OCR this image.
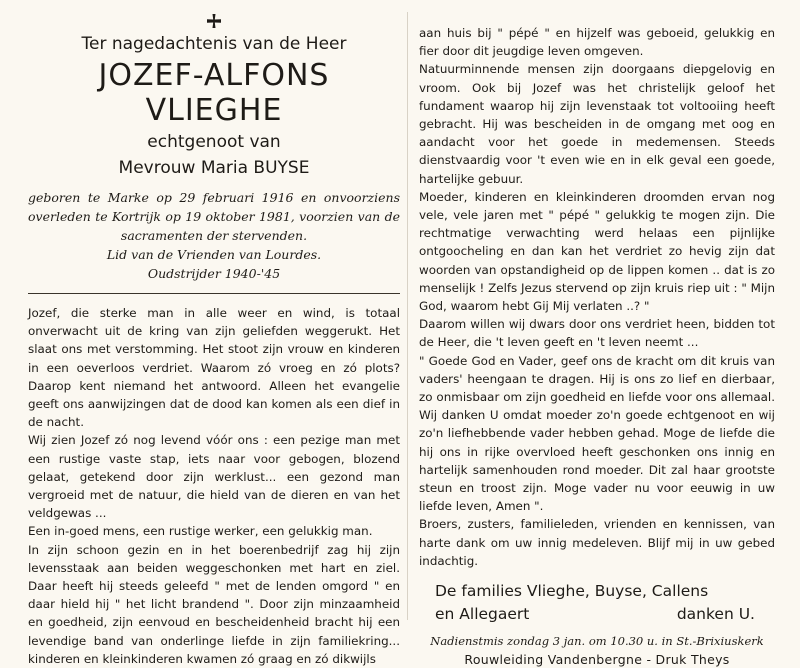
Ter nagedachtenis van de Heer
JOZEF-ALFONS VLIEGHE
echtgenoot van
Mevrouw Maria BUYSE

geboren te Marke op 29 februari 1916 en onvoorziens overleden te Kortrijk op 19 oktober 1981, voorzien van de sacramenten der stervenden.

Lid van de Vrienden van Lourdes.

Oudstrijder 1940-'45

Jozef, die sterke man in alle weer en wind, is totaal onverwacht uit de kring van zijn geliefden weggerukt. Het slaat ons met verstomming. Het stoot zijn vrouw en kinderen in een oeverloos verdriet. Waarom zó vroeg en zó plots? Daarop kent niemand het antwoord. Alleen het evangelie geeft ons aanwijzingen dat de dood kan komen als een dief in de nacht.

Wij zien Jozef zó nog levend vóór ons : een pezige man met een rustige vaste stap, iets naar voor gebogen, blozend gelaat, getekend door zijn werklust... een gezond man vergroeid met de natuur, die hield van de dieren en van het veldgewas ...

Een in-goed mens, een rustige werker, een gelukkig man.

In zijn schoon gezin en in het boerenbedrijf zag hij zijn levensstaak aan beiden weggeschonken met hart en ziel. Daar heeft hij steeds geleefd " met de lenden omgord " en daar hield hij " het licht brandend ". Door zijn minzaamheid en goedheid, zijn eenvoud en bescheidenheid bracht hij een levendige band van onderlinge liefde in zijn familiekring... kinderen en kleinkinderen kwamen zó graag en zó dikwijls

aan huis bij " pépé " en hijzelf was geboeid, gelukkig en fier door dit jeugdige leven omgeven.

Natuurminnende mensen zijn doorgaans diepgelovig en vroom. Ook bij Jozef was het christelijk geloof het fundament waarop hij zijn levenstaak tot voltooiing heeft gebracht. Hij was bescheiden in de omgang met oog en aandacht voor het goede in medemensen. Steeds dienstvaardig voor 't even wie en in elk geval een goede, hartelijke gebuur.

Moeder, kinderen en kleinkinderen droomden ervan nog vele, vele jaren met " pépé " gelukkig te mogen zijn. Die rechtmatige verwachting werd helaas een pijnlijke ontgoocheling en dan kan het verdriet zo hevig zijn dat woorden van opstandigheid op de lippen komen .. dat is zo menselijk ! Zelfs Jezus stervend op zijn kruis riep uit : " Mijn God, waarom hebt Gij Mij verlaten ..? "

Daarom willen wij dwars door ons verdriet heen, bidden tot de Heer, die 't leven geeft en 't leven neemt ...

" Goede God en Vader, geef ons de kracht om dit kruis van vaders' heengaan te dragen. Hij is ons zo lief en dierbaar, zo onmisbaar om zijn goedheid en liefde voor ons allemaal. Wij danken U omdat moeder zo'n goede echtgenoot en wij zo'n liefhebbende vader hebben gehad. Moge de liefde die hij ons in rijke overvloed heeft geschonken ons innig en hartelijk samenhouden rond moeder. Dit zal haar grootste steun en troost zijn. Moge vader nu voor eeuwig in uw liefde leven, Amen ".

Broers, zusters, familieleden, vrienden en kennissen, van harte dank om uw innig medeleven. Blijf mij in uw gebed indachtig.

De families Vlieghe, Buyse, Callens
en Allegaert	danken U.
Nadienstmis zondag 3 jan. om 10.30 u. in St.-Brixiuskerk
Rouwleiding Vandenbergne - Druk Theys
